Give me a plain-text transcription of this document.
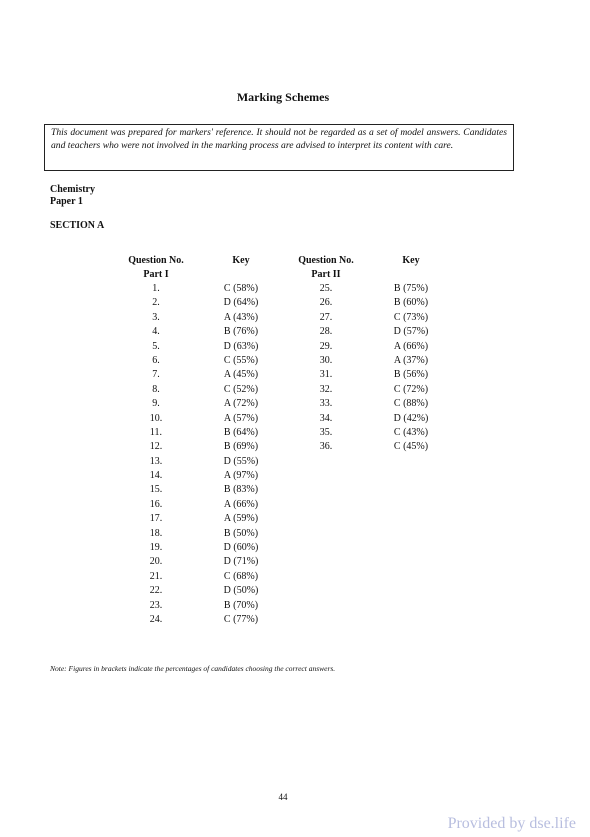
Marking Schemes
This document was prepared for markers' reference. It should not be regarded as a set of model answers. Candidates and teachers who were not involved in the marking process are advised to interpret its content with care.
Chemistry
Paper 1
SECTION A
Question No.
Part I
1.
2.
3.
4.
5.
6.
7.
8.
9.
10.
11.
12.
13.
14.
15.
16.
17.
18.
19.
20.
21.
22.
23.
24.
Key
C (58%)
D (64%)
A (43%)
B (76%)
D (63%)
C (55%)
A (45%)
C (52%)
A (72%)
A (57%)
B (64%)
B (69%)
D (55%)
A (97%)
B (83%)
A (66%)
A (59%)
B (50%)
D (60%)
D (71%)
C (68%)
D (50%)
B (70%)
C (77%)
Question No.
Part II
25.
26.
27.
28.
29.
30.
31.
32.
33.
34.
35.
36.
Key
B (75%)
B (60%)
C (73%)
D (57%)
A (66%)
A (37%)
B (56%)
C (72%)
C (88%)
D (42%)
C (43%)
C (45%)
Note: Figures in brackets indicate the percentages of candidates choosing the correct answers.
44
Provided by dse.life
